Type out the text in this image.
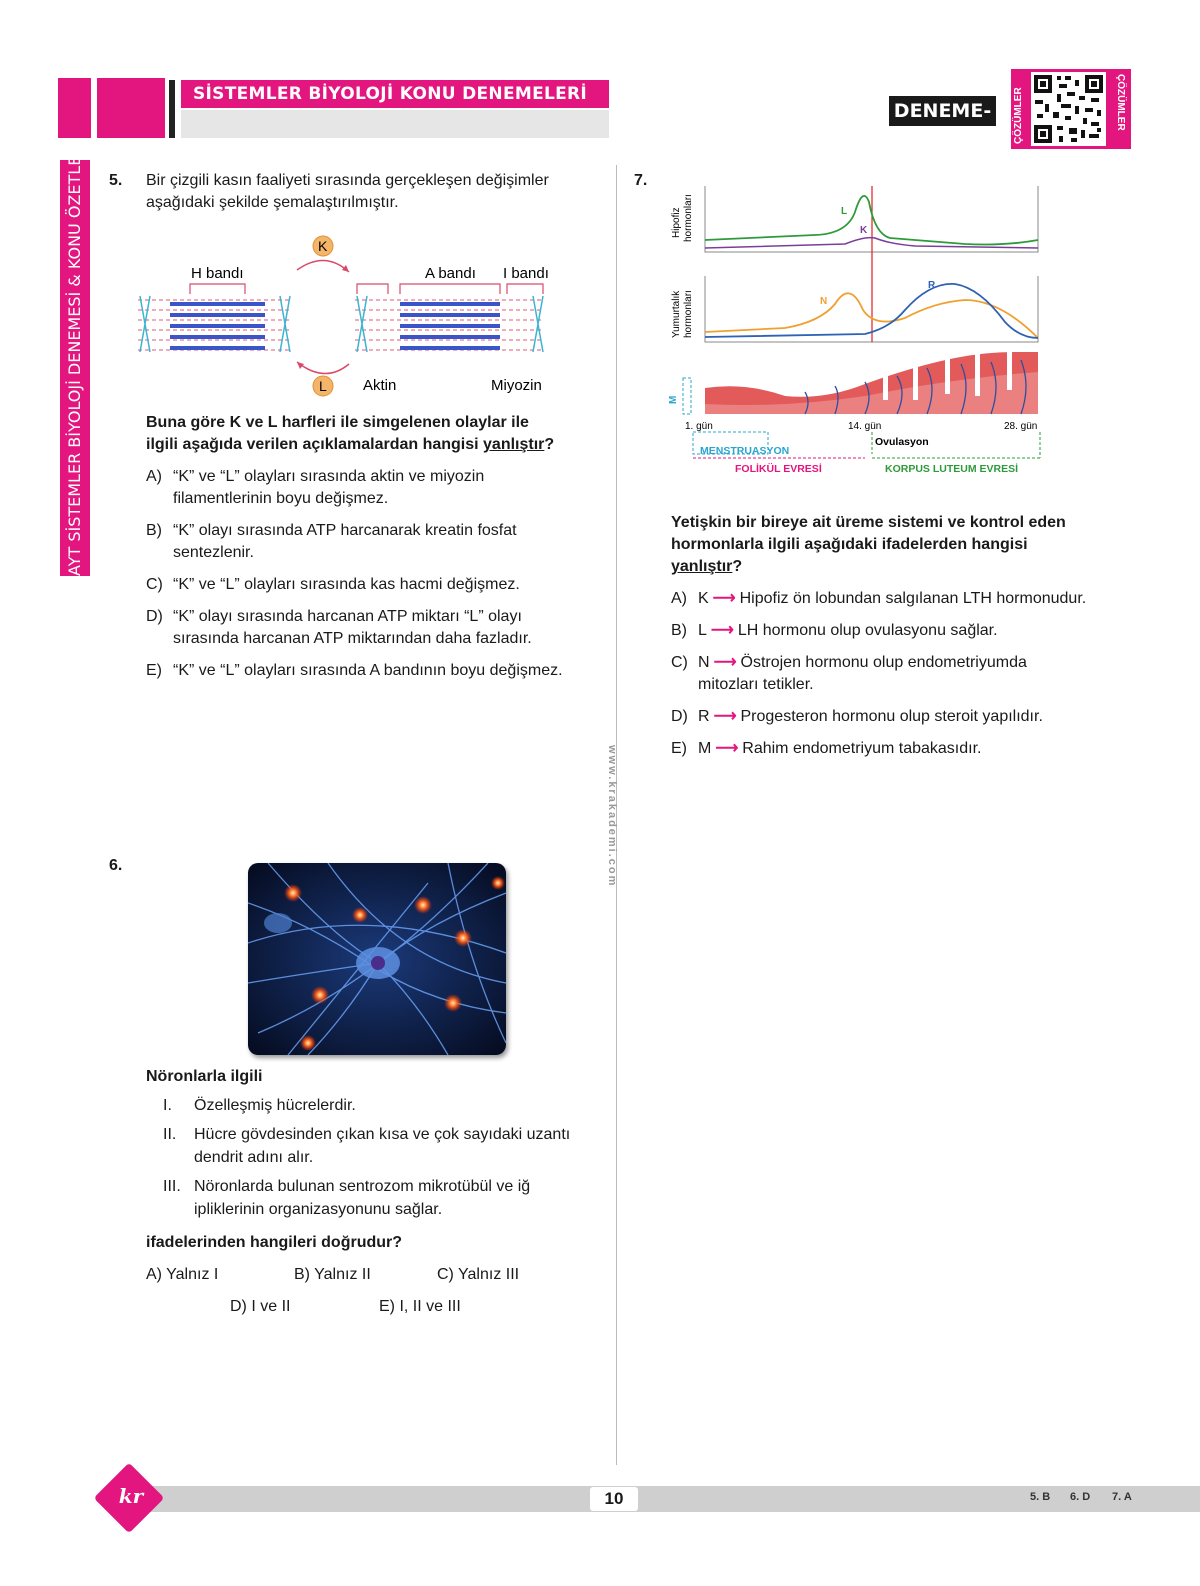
SİSTEMLER BİYOLOJİ KONU DENEMELERİ
DENEME-3	ÇÖZÜMLER	ÇÖZÜMLER
AYT SİSTEMLER BİYOLOJİ DENEMESİ & KONU ÖZETLERİ
www.krakademi.com
5. Bir çizgili kasın faaliyeti sırasında gerçekleşen değişimler
aşağıdaki şekilde şemalaştırılmıştır.
K
L
H bandı	A bandı I bandı
Aktin	Miyozin
Buna göre K ve L harfleri ile simgelenen olaylar ile
ilgili aşağıda verilen açıklamalardan hangisi yanlıştır?
A) “K” ve “L” olayları sırasında aktin ve miyozin
filamentlerinin boyu değişmez.
B) “K” olayı sırasında ATP harcanarak kreatin fosfat
sentezlenir.
C) “K” ve “L” olayları sırasında kas hacmi değişmez.
D) “K” olayı sırasında harcanan ATP miktarı “L” olayı
sırasında harcanan ATP miktarından daha fazladır.
E) “K” ve “L” olayları sırasında A bandının boyu değişmez.
6.
Nöronlarla ilgili
I. Özelleşmiş hücrelerdir.
II. Hücre gövdesinden çıkan kısa ve çok sayıdaki uzantı
dendrit adını alır.
III. Nöronlarda bulunan sentrozom mikrotübül ve iğ
ipliklerinin organizasyonunu sağlar.
ifadelerinden hangileri doğrudur?
A) Yalnız I	B) Yalnız II	C) Yalnız III
D) I ve II	E) I, II ve III
7.
Hipofiz hormonları	L
K
Yumurtalık hormonları	N
R
M
1. gün	14. gün	28. gün
Ovulasyon
MENSTRUASYON
FOLİKÜL EVRESİ	KORPUS LUTEUM EVRESİ
Yetişkin bir bireye ait üreme sistemi ve kontrol eden
hormonlarla ilgili aşağıdaki ifadelerden hangisi
yanlıştır?
A) K ⟶ Hipofiz ön lobundan salgılanan LTH hormonudur.
B) L ⟶ LH hormonu olup ovulasyonu sağlar.
C) N ⟶ Östrojen hormonu olup endometriyumda
mitozları tetikler.
D) R ⟶ Progesteron hormonu olup steroit yapılıdır.
E) M ⟶ Rahim endometriyum tabakasıdır.
kr	10	5. B 6. D 7. A
